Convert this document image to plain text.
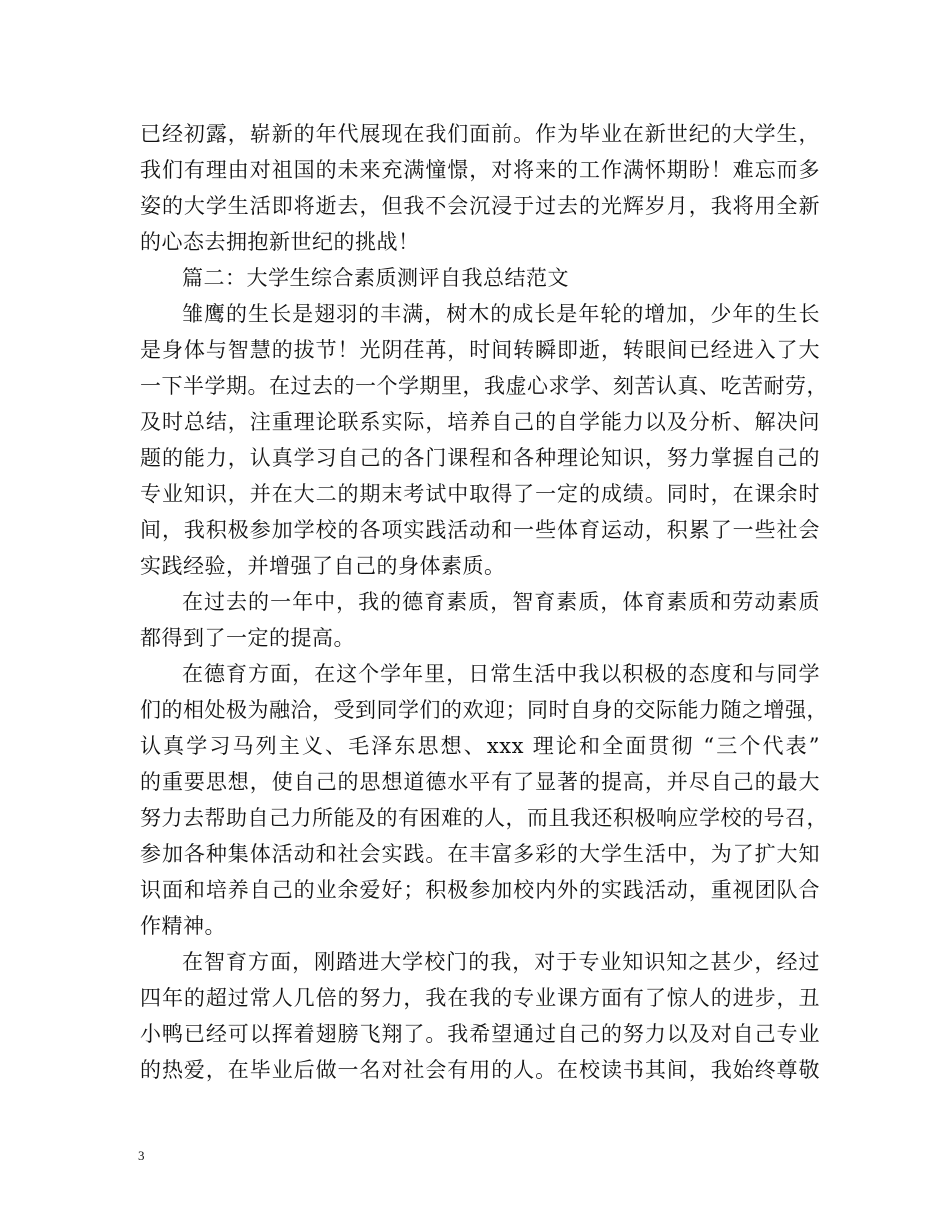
已经初露，崭新的年代展现在我们面前。作为毕业在新世纪的大学生，
我们有理由对祖国的未来充满憧憬，对将来的工作满怀期盼！难忘而多
姿的大学生活即将逝去，但我不会沉浸于过去的光辉岁月，我将用全新
的心态去拥抱新世纪的挑战！
篇二：大学生综合素质测评自我总结范文
雏鹰的生长是翅羽的丰满，树木的成长是年轮的增加，少年的生长
是身体与智慧的拔节！光阴荏苒，时间转瞬即逝，转眼间已经进入了大
一下半学期。在过去的一个学期里，我虚心求学、刻苦认真、吃苦耐劳，
及时总结，注重理论联系实际，培养自己的自学能力以及分析、解决问
题的能力，认真学习自己的各门课程和各种理论知识，努力掌握自己的
专业知识，并在大二的期末考试中取得了一定的成绩。同时，在课余时
间，我积极参加学校的各项实践活动和一些体育运动，积累了一些社会
实践经验，并增强了自己的身体素质。
在过去的一年中，我的德育素质，智育素质，体育素质和劳动素质
都得到了一定的提高。
在德育方面，在这个学年里，日常生活中我以积极的态度和与同学
们的相处极为融洽，受到同学们的欢迎；同时自身的交际能力随之增强，
认真学习马列主义、毛泽东思想、xxx 理论和全面贯彻 “三个代表”
的重要思想，使自己的思想道德水平有了显著的提高，并尽自己的最大
努力去帮助自己力所能及的有困难的人，而且我还积极响应学校的号召，
参加各种集体活动和社会实践。在丰富多彩的大学生活中，为了扩大知
识面和培养自己的业余爱好；积极参加校内外的实践活动，重视团队合
作精神。
在智育方面，刚踏进大学校门的我，对于专业知识知之甚少，经过
四年的超过常人几倍的努力，我在我的专业课方面有了惊人的进步，丑
小鸭已经可以挥着翅膀飞翔了。我希望通过自己的努力以及对自己专业
的热爱，在毕业后做一名对社会有用的人。在校读书其间，我始终尊敬
3
